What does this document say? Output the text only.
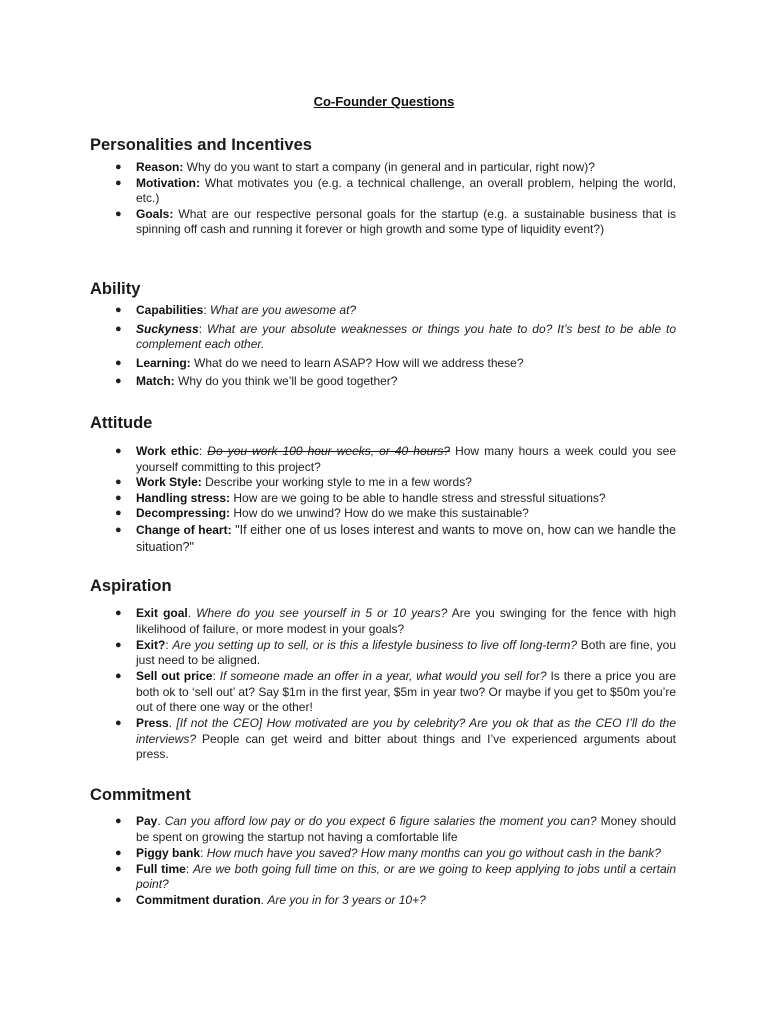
Co-Founder Questions
Personalities and Incentives
●	Reason: Why do you want to start a company (in general and in particular, right now)?
●	Motivation: What motivates you (e.g. a technical challenge, an overall problem, helping the world, etc.)
●	Goals: What are our respective personal goals for the startup (e.g. a sustainable business that is spinning off cash and running it forever or high growth and some type of liquidity event?)
Ability
●	Capabilities: What are you awesome at?
●	Suckyness: What are your absolute weaknesses or things you hate to do? It’s best to be able to complement each other.
●	Learning: What do we need to learn ASAP? How will we address these?
●	Match: Why do you think we’ll be good together?
Attitude
●	Work ethic: Do you work 100 hour weeks, or 40 hours? How many hours a week could you see yourself committing to this project?
●	Work Style: Describe your working style to me in a few words?
●	Handling stress: How are we going to be able to handle stress and stressful situations?
●	Decompressing: How do we unwind? How do we make this sustainable?
●	Change of heart: "If either one of us loses interest and wants to move on, how can we handle the situation?"
Aspiration
●	Exit goal. Where do you see yourself in 5 or 10 years? Are you swinging for the fence with high likelihood of failure, or more modest in your goals?
●	Exit?: Are you setting up to sell, or is this a lifestyle business to live off long-term? Both are fine, you just need to be aligned.
●	Sell out price: If someone made an offer in a year, what would you sell for? Is there a price you are both ok to ‘sell out’ at? Say $1m in the first year, $5m in year two? Or maybe if you get to $50m you’re out of there one way or the other!
●	Press. [If not the CEO] How motivated are you by celebrity? Are you ok that as the CEO I’ll do the interviews? People can get weird and bitter about things and I’ve experienced arguments about press.
Commitment
●	Pay. Can you afford low pay or do you expect 6 figure salaries the moment you can? Money should be spent on growing the startup not having a comfortable life
●	Piggy bank: How much have you saved? How many months can you go without cash in the bank?
●	Full time: Are we both going full time on this, or are we going to keep applying to jobs until a certain point?
●	Commitment duration. Are you in for 3 years or 10+?
